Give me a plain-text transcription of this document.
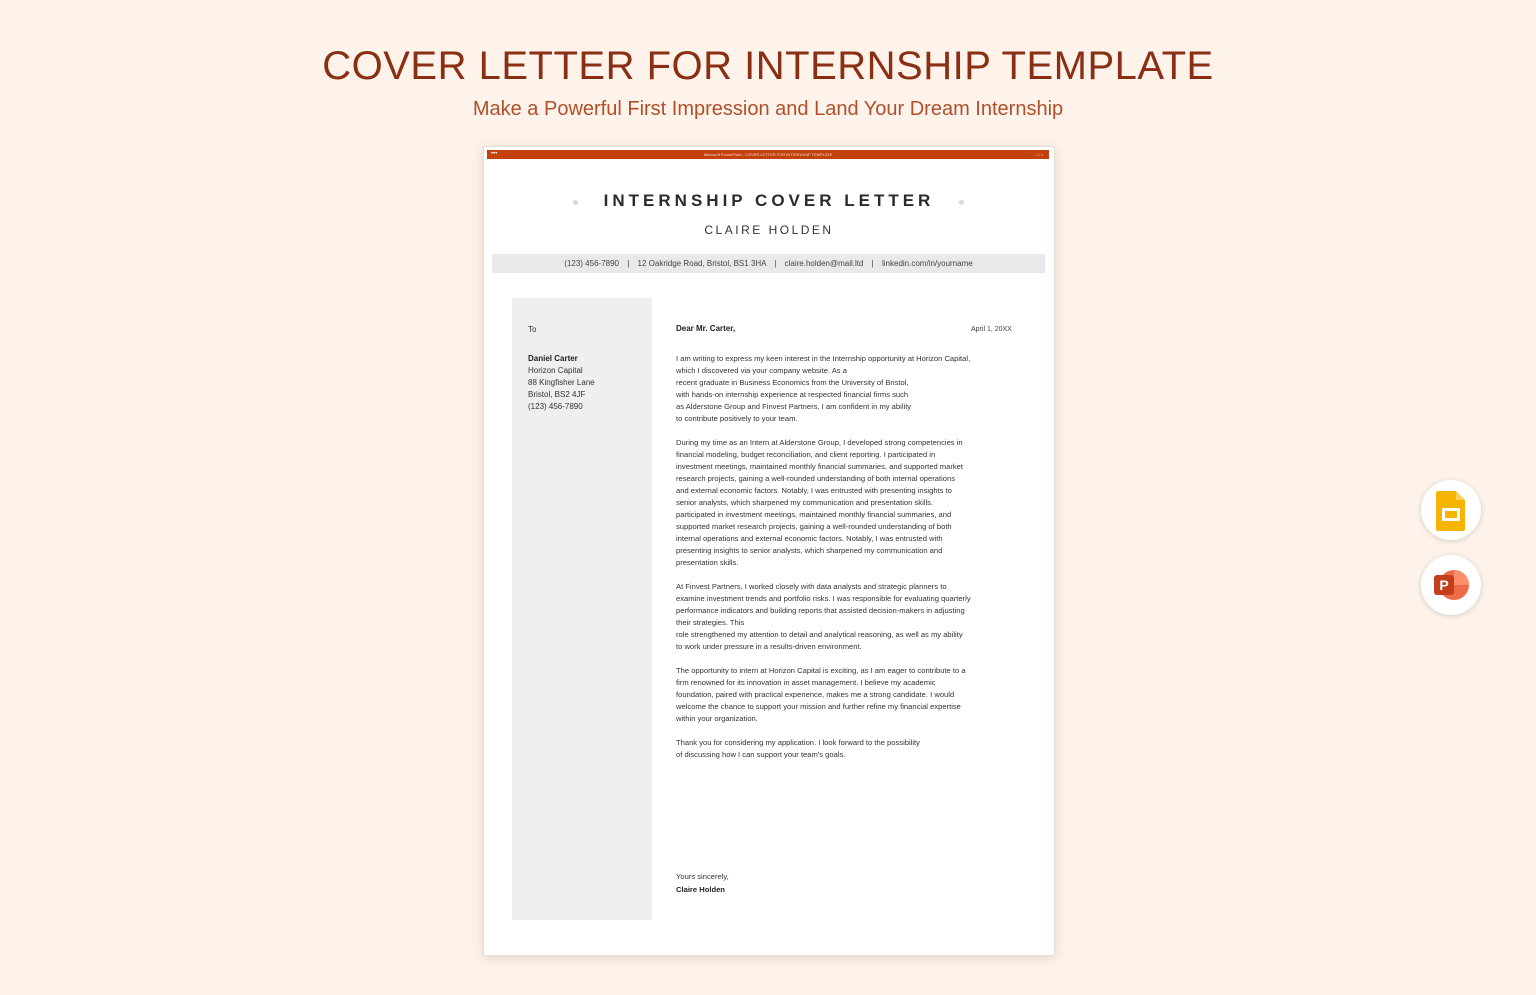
COVER LETTER FOR INTERNSHIP TEMPLATE
Make a Powerful First Impression and Land Your Dream Internship
•••	Microsoft PowerPoint - COVER LETTER FOR INTERNSHIP TEMPLATE	– □ ×
INTERNSHIP COVER LETTER
CLAIRE HOLDEN
(123) 456-7890 | 12 Oakridge Road, Bristol, BS1 3HA | claire.holden@mail.ltd | linkedin.com/in/yourname
To
Daniel Carter
Horizon Capital
88 Kingfisher Lane
Bristol, BS2 4JF
(123) 456-7890
Dear Mr. Carter,	April 1, 20XX

I am writing to express my keen interest in the Internship opportunity at Horizon Capital,
which I discovered via your company website. As a
recent graduate in Business Economics from the University of Bristol,
with hands-on internship experience at respected financial firms such
as Alderstone Group and Finvest Partners, I am confident in my ability
to contribute positively to your team.

During my time as an Intern at Alderstone Group, I developed strong competencies in
financial modeling, budget reconciliation, and client reporting. I participated in
investment meetings, maintained monthly financial summaries, and supported market
research projects, gaining a well-rounded understanding of both internal operations
and external economic factors. Notably, I was entrusted with presenting insights to
senior analysts, which sharpened my communication and presentation skills.
participated in investment meetings, maintained monthly financial summaries, and
supported market research projects, gaining a well-rounded understanding of both
internal operations and external economic factors. Notably, I was entrusted with
presenting insights to senior analysts, which sharpened my communication and
presentation skills.

At Finvest Partners, I worked closely with data analysts and strategic planners to
examine investment trends and portfolio risks. I was responsible for evaluating quarterly
performance indicators and building reports that assisted decision-makers in adjusting
their strategies. This
role strengthened my attention to detail and analytical reasoning, as well as my ability
to work under pressure in a results-driven environment.

The opportunity to intern at Horizon Capital is exciting, as I am eager to contribute to a
firm renowned for its innovation in asset management. I believe my academic
foundation, paired with practical experience, makes me a strong candidate. I would
welcome the chance to support your mission and further refine my financial expertise
within your organization.

Thank you for considering my application. I look forward to the possibility
of discussing how I can support your team's goals.

Yours sincerely,
Claire Holden
P
